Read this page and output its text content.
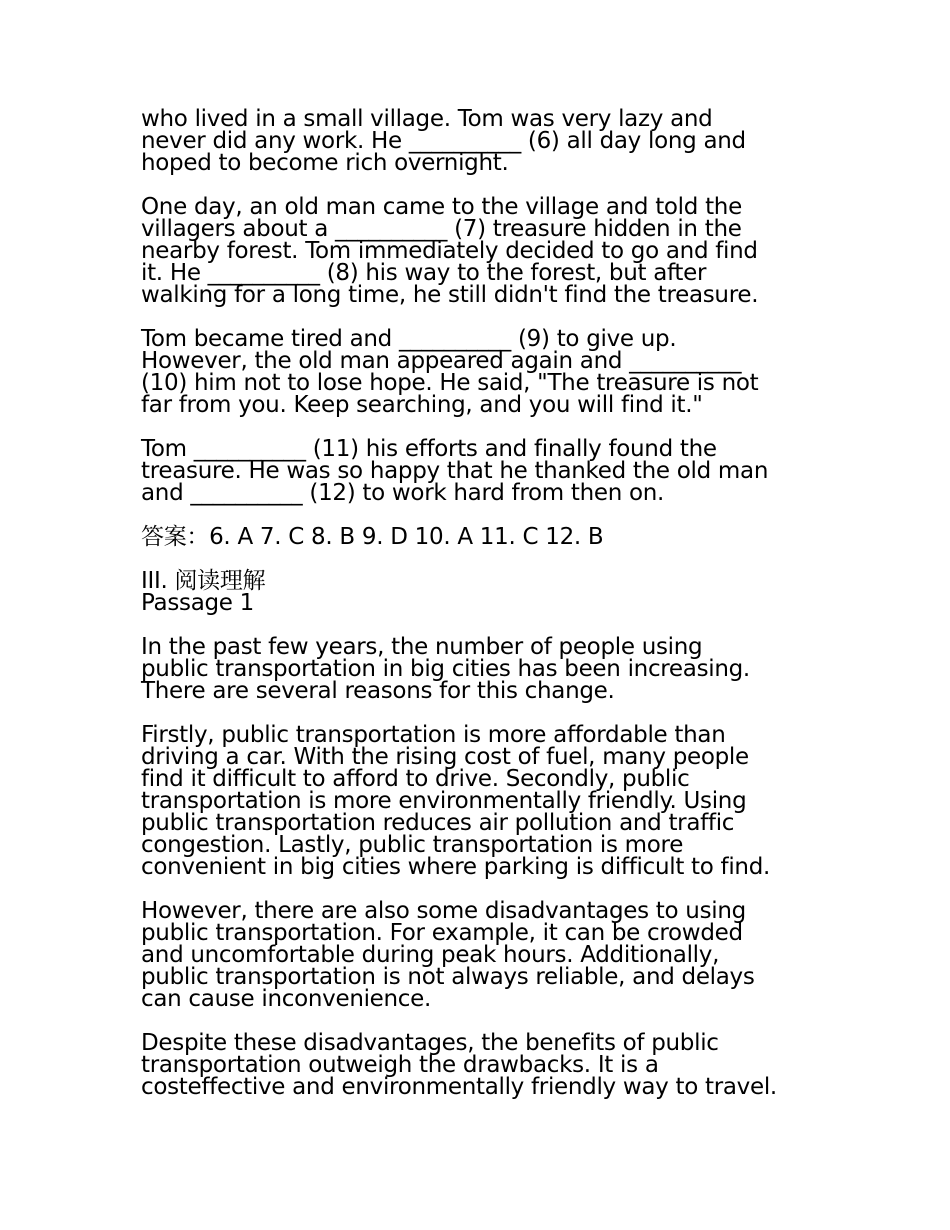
who lived in a small village. Tom was very lazy and
never did any work. He __________ (6) all day long and
hoped to become rich overnight.
One day, an old man came to the village and told the
villagers about a __________ (7) treasure hidden in the
nearby forest. Tom immediately decided to go and find
it. He __________ (8) his way to the forest, but after
walking for a long time, he still didn't find the treasure.
Tom became tired and __________ (9) to give up.
However, the old man appeared again and __________
(10) him not to lose hope. He said, "The treasure is not
far from you. Keep searching, and you will find it."
Tom __________ (11) his efforts and finally found the
treasure. He was so happy that he thanked the old man
and __________ (12) to work hard from then on.
答案：6. A 7. C 8. B 9. D 10. A 11. C 12. B
III. 阅读理解
Passage 1
In the past few years, the number of people using
public transportation in big cities has been increasing.
There are several reasons for this change.
Firstly, public transportation is more affordable than
driving a car. With the rising cost of fuel, many people
find it difficult to afford to drive. Secondly, public
transportation is more environmentally friendly. Using
public transportation reduces air pollution and traffic
congestion. Lastly, public transportation is more
convenient in big cities where parking is difficult to find.
However, there are also some disadvantages to using
public transportation. For example, it can be crowded
and uncomfortable during peak hours. Additionally,
public transportation is not always reliable, and delays
can cause inconvenience.
Despite these disadvantages, the benefits of public
transportation outweigh the drawbacks. It is a
costeffective and environmentally friendly way to travel.
